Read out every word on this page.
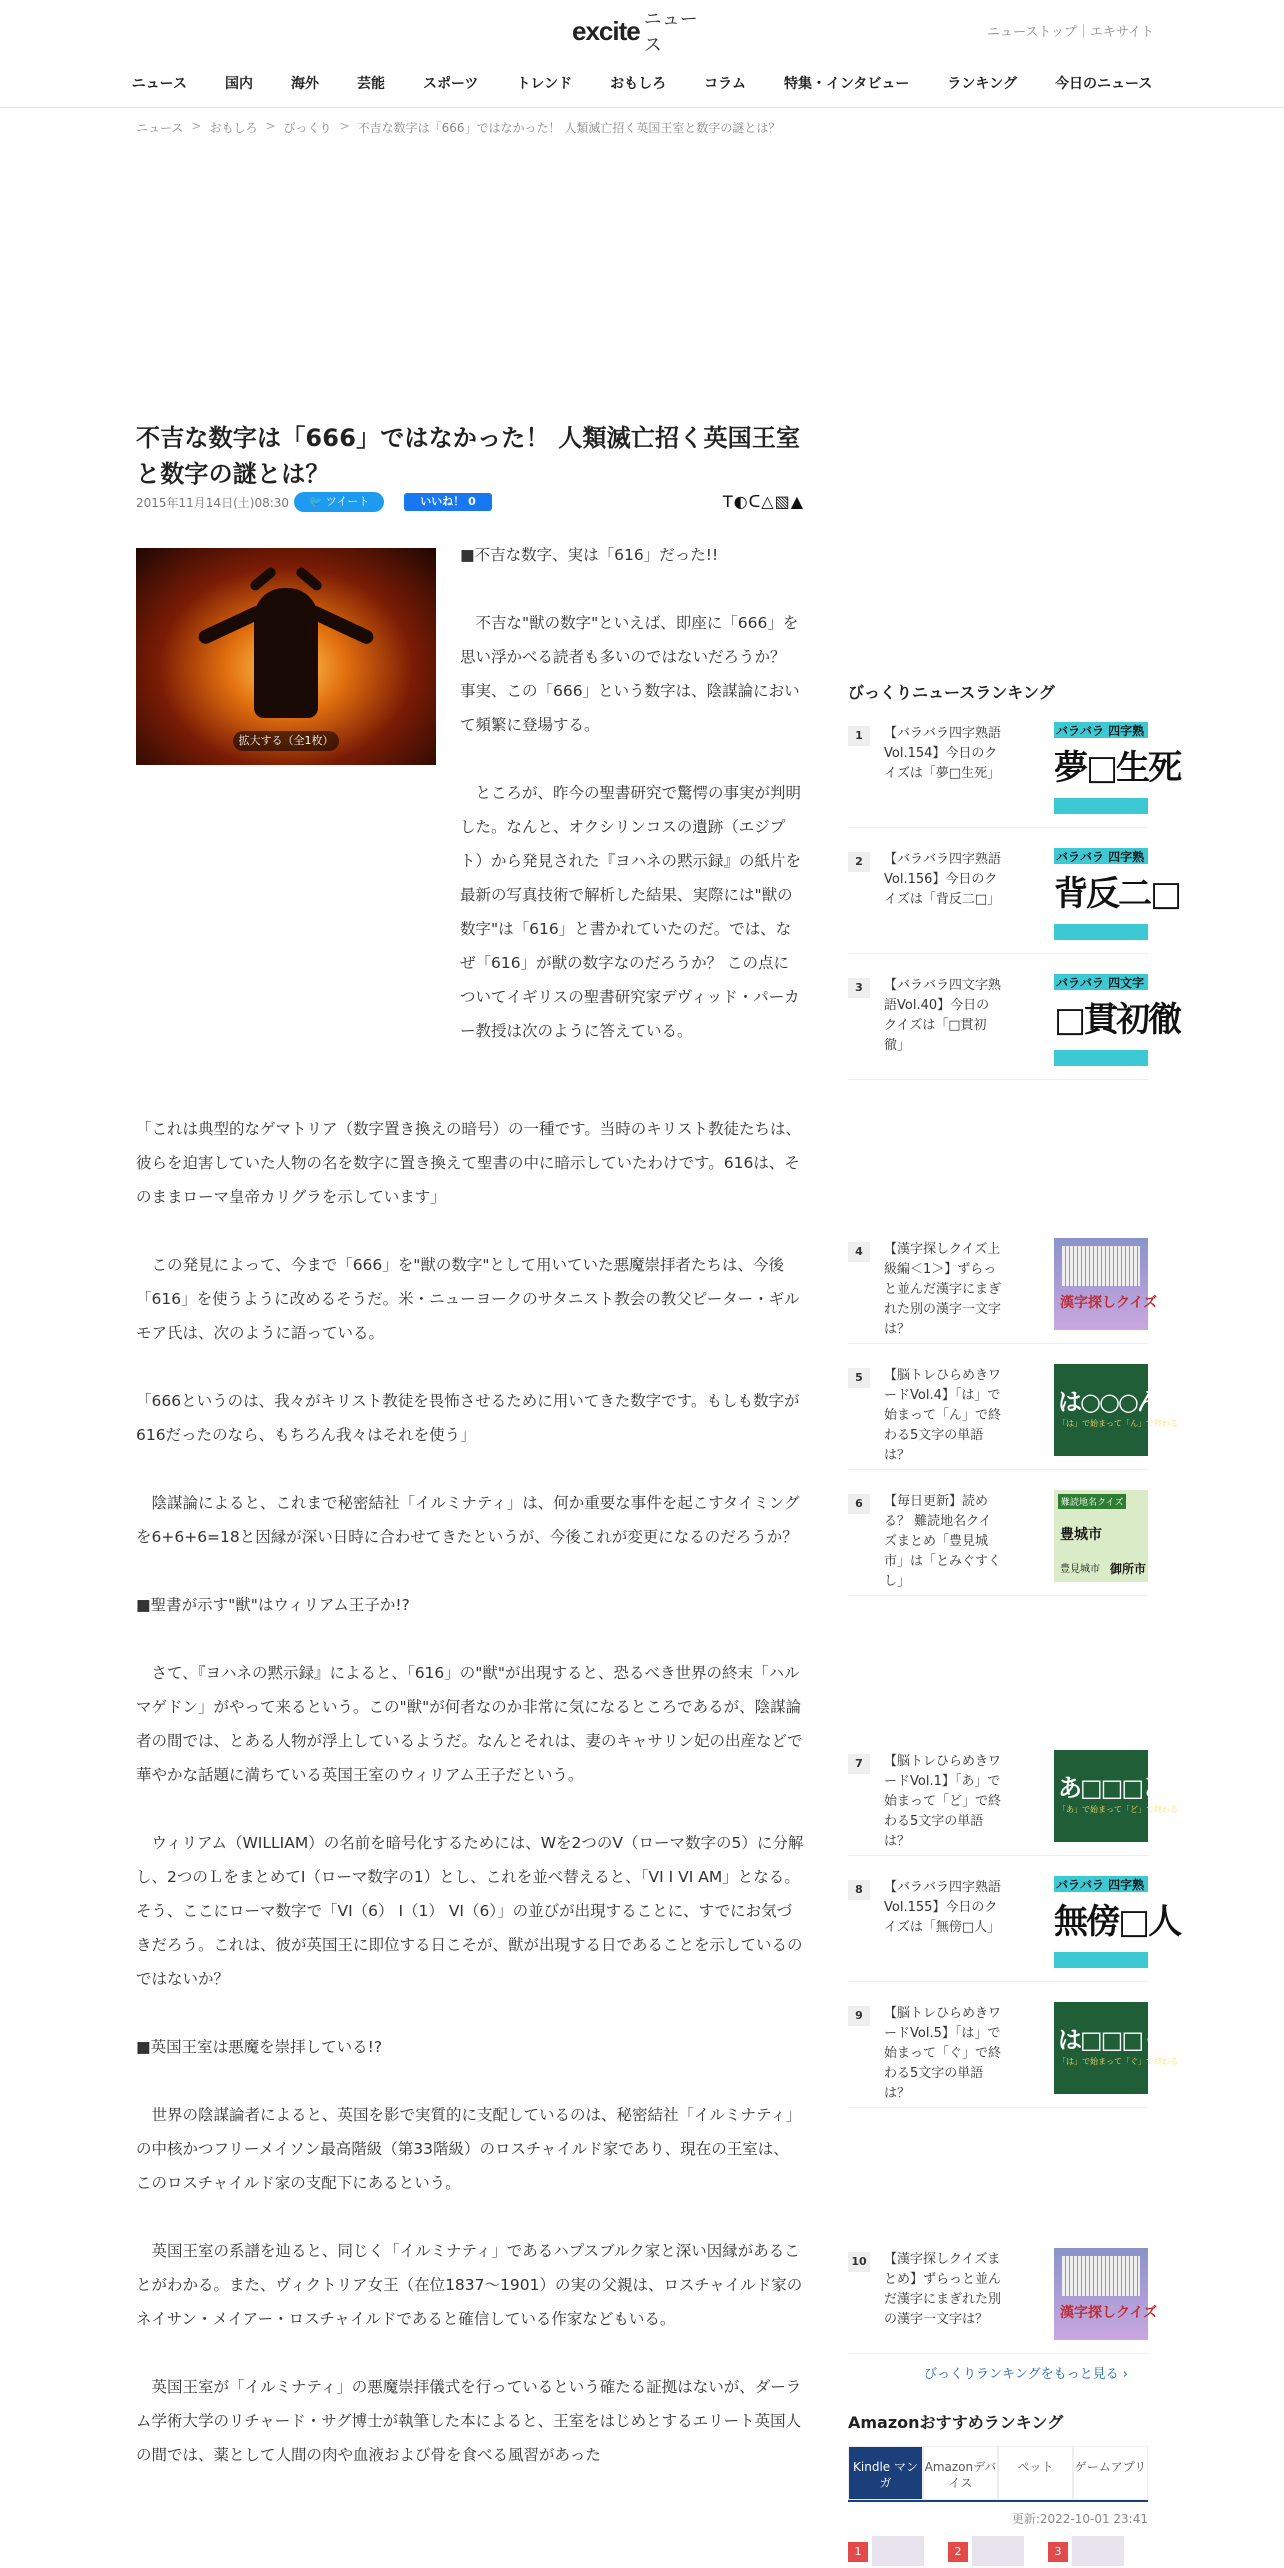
excite ニュース
ニューストップ｜エキサイト
ニュース	国内	海外	芸能	スポーツ	トレンド	おもしろ	コラム	特集・インタビュー	ランキング	今日のニュース
ニュース > おもしろ > びっくり > 不吉な数字は「666」ではなかった！ 人類滅亡招く英国王室と数字の謎とは？
不吉な数字は「666」ではなかった！ 人類滅亡招く英国王室と数字の謎とは？
2015年11月14日(土)08:30	🐦 ツイート	いいね！ 0	T◐ᑕ△▧▲
拡大する（全1枚）

■不吉な数字、実は「616」だった!!

　不吉な"獣の数字"といえば、即座に「666」を思い浮かべる読者も多いのではないだろうか？ 事実、この「666」という数字は、陰謀論において頻繁に登場する。

　ところが、昨今の聖書研究で驚愕の事実が判明した。なんと、オクシリンコスの遺跡（エジプト）から発見された『ヨハネの黙示録』の紙片を最新の写真技術で解析した結果、実際には"獣の数字"は「616」と書かれていたのだ。では、なぜ「616」が獣の数字なのだろうか？ この点についてイギリスの聖書研究家デヴィッド・パーカー教授は次のように答えている。

「これは典型的なゲマトリア（数字置き換えの暗号）の一種です。当時のキリスト教徒たちは、彼らを迫害していた人物の名を数字に置き換えて聖書の中に暗示していたわけです。616は、そのままローマ皇帝カリグラを示しています」

　この発見によって、今まで「666」を"獣の数字"として用いていた悪魔崇拝者たちは、今後「616」を使うように改めるそうだ。米・ニューヨークのサタニスト教会の教父ピーター・ギルモア氏は、次のように語っている。

「666というのは、我々がキリスト教徒を畏怖させるために用いてきた数字です。もしも数字が616だったのなら、もちろん我々はそれを使う」

　陰謀論によると、これまで秘密結社「イルミナティ」は、何か重要な事件を起こすタイミングを6+6+6=18と因縁が深い日時に合わせてきたというが、今後これが変更になるのだろうか？

■聖書が示す"獣"はウィリアム王子か!?

　さて、『ヨハネの黙示録』によると、「616」の"獣"が出現すると、恐るべき世界の終末「ハルマゲドン」がやって来るという。この"獣"が何者なのか非常に気になるところであるが、陰謀論者の間では、とある人物が浮上しているようだ。なんとそれは、妻のキャサリン妃の出産などで華やかな話題に満ちている英国王室のウィリアム王子だという。

　ウィリアム（WILLIAM）の名前を暗号化するためには、Wを2つのV（ローマ数字の5）に分解し、2つのＬをまとめてI（ローマ数字の1）とし、これを並べ替えると、「VI I VI AM」となる。そう、ここにローマ数字で「VI（6） I（1） VI（6）」の並びが出現することに、すでにお気づきだろう。これは、彼が英国王に即位する日こそが、獣が出現する日であることを示しているのではないか？

■英国王室は悪魔を崇拝している!?

　世界の陰謀論者によると、英国を影で実質的に支配しているのは、秘密結社「イルミナティ」の中核かつフリーメイソン最高階級（第33階級）のロスチャイルド家であり、現在の王室は、このロスチャイルド家の支配下にあるという。

　英国王室の系譜を辿ると、同じく「イルミナティ」であるハプスブルク家と深い因縁があることがわかる。また、ヴィクトリア女王（在位1837～1901）の実の父親は、ロスチャイルド家のネイサン・メイアー・ロスチャイルドであると確信している作家などもいる。

　英国王室が「イルミナティ」の悪魔崇拝儀式を行っているという確たる証拠はないが、ダーラム学術大学のリチャード・サグ博士が執筆した本によると、王室をはじめとするエリート英国人の間では、薬として人間の肉や血液および骨を食べる風習があった

びっくりニュースランキング
1	【バラバラ四字熟語Vol.154】今日のクイズは「夢□生死」
バラバラ 四字熟
夢□生死
2	【バラバラ四字熟語Vol.156】今日のクイズは「背反二□」
バラバラ 四字熟
背反二□
3	【バラバラ四文字熟語Vol.40】今日のクイズは「□貫初徹」
バラバラ 四文字
□貫初徹
4	【漢字探しクイズ上級編＜1＞】ずらっと並んだ漢字にまぎれた別の漢字一文字は？
漢字探しクイズ
5	【脳トレひらめきワードVol.4】「は」で始まって「ん」で終わる5文字の単語は？
は○○○ん
「は」で始まって「ん」で終わる
6	【毎日更新】読める？ 難読地名クイズまとめ「豊見城市」は「とみぐすくし」
難読地名クイズ
豊城市
豊見城市 御所市
7	【脳トレひらめきワードVol.1】「あ」で始まって「ど」で終わる5文字の単語は？
あ□□□ど
「あ」で始まって「ど」で終わる
8	【バラバラ四字熟語Vol.155】今日のクイズは「無傍□人」
バラバラ 四字熟
無傍□人
9	【脳トレひらめきワードVol.5】「は」で始まって「ぐ」で終わる5文字の単語は？
は□□□ぐ
「は」で始まって「ぐ」で終わる
10 【漢字探しクイズまとめ】ずらっと並んだ漢字にまぎれた別の漢字一文字は？	漢字探しクイズ
びっくりランキングをもっと見る ›
Amazonおすすめランキング
Kindle マンガ
Amazonデバイス
ペット	ゲームアプリ
更新:2022-10-01 23:41
1	2	3
